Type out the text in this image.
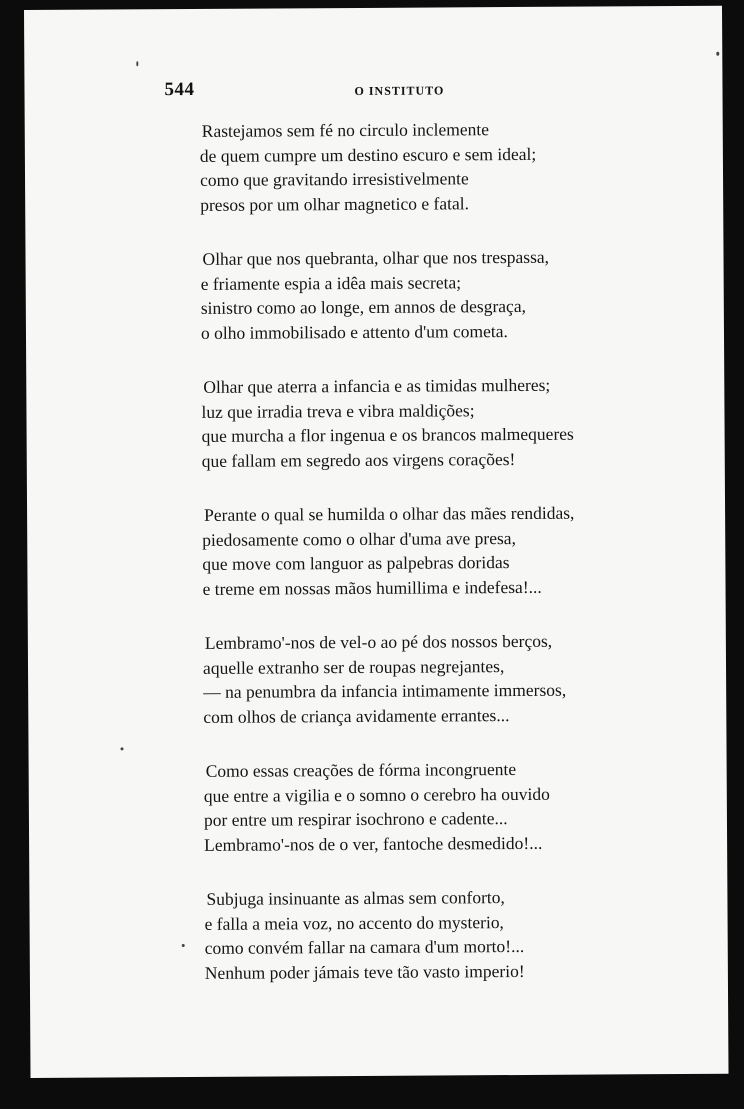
544	O INSTITUTO
Rastejamos sem fé no circulo inclemente
de quem cumpre um destino escuro e sem ideal;
como que gravitando irresistivelmente
presos por um olhar magnetico e fatal.
Olhar que nos quebranta, olhar que nos trespassa,
e friamente espia a idêa mais secreta;
sinistro como ao longe, em annos de desgraça,
o olho immobilisado e attento d'um cometa.
Olhar que aterra a infancia e as timidas mulheres;
luz que irradia treva e vibra maldições;
que murcha a flor ingenua e os brancos malmequeres
que fallam em segredo aos virgens corações!
Perante o qual se humilda o olhar das mães rendidas,
piedosamente como o olhar d'uma ave presa,
que move com languor as palpebras doridas
e treme em nossas mãos humillima e indefesa!...
Lembramo'-nos de vel-o ao pé dos nossos berços,
aquelle extranho ser de roupas negrejantes,
— na penumbra da infancia intimamente immersos,
com olhos de criança avidamente errantes...
Como essas creações de fórma incongruente
que entre a vigilia e o somno o cerebro ha ouvido
por entre um respirar isochrono e cadente...
Lembramo'-nos de o ver, fantoche desmedido!...
Subjuga insinuante as almas sem conforto,
e falla a meia voz, no accento do mysterio,
como convém fallar na camara d'um morto!...
Nenhum poder jámais teve tão vasto imperio!
